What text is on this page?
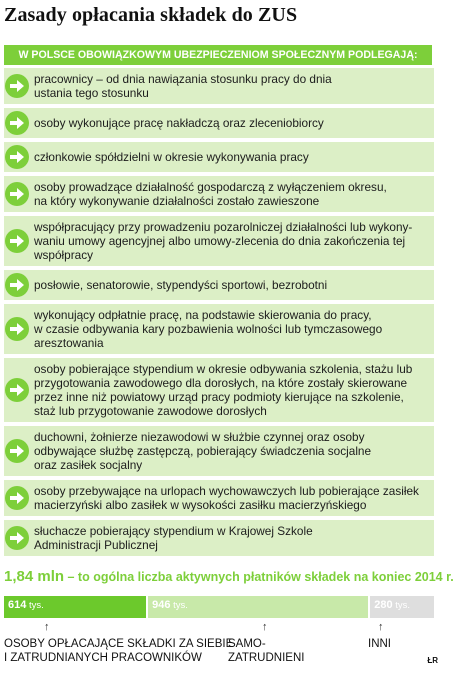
Zasady opłacania składek do ZUS
W POLSCE OBOWIĄZKOWYM UBEZPIECZENIOM SPOŁECZNYM PODLEGAJĄ:
pracownicy – od dnia nawiązania stosunku pracy do dnia
ustania tego stosunku
osoby wykonujące pracę nakładczą oraz zleceniobiorcy
członkowie spółdzielni w okresie wykonywania pracy
osoby prowadzące działalność gospodarczą z wyłączeniem okresu,
na który wykonywanie działalności zostało zawieszone
współpracujący przy prowadzeniu pozarolniczej działalności lub wykony-
waniu umowy agencyjnej albo umowy-zlecenia do dnia zakończenia tej
współpracy
posłowie, senatorowie, stypendyści sportowi, bezrobotni
wykonujący odpłatnie pracę, na podstawie skierowania do pracy,
w czasie odbywania kary pozbawienia wolności lub tymczasowego
aresztowania
osoby pobierające stypendium w okresie odbywania szkolenia, stażu lub
przygotowania zawodowego dla dorosłych, na które zostały skierowane
przez inne niż powiatowy urząd pracy podmioty kierujące na szkolenie,
staż lub przygotowanie zawodowe dorosłych
duchowni, żołnierze niezawodowi w służbie czynnej oraz osoby
odbywające służbę zastępczą, pobierający świadczenia socjalne
oraz zasiłek socjalny
osoby przebywające na urlopach wychowawczych lub pobierające zasiłek
macierzyński albo zasiłek w wysokości zasiłku macierzyńskiego
słuchacze pobierający stypendium w Krajowej Szkole
Administracji Publicznej
1,84 mln – to ogólna liczba aktywnych płatników składek na koniec 2014 r.
614 tys.
↑
OSOBY OPŁACAJĄCE SKŁADKI ZA SIEBIE
I ZATRUDNIANYCH PRACOWNIKÓW
946 tys.
↑
SAMO-
ZATRUDNIENI
280 tys.
↑
INNI
ŁR
